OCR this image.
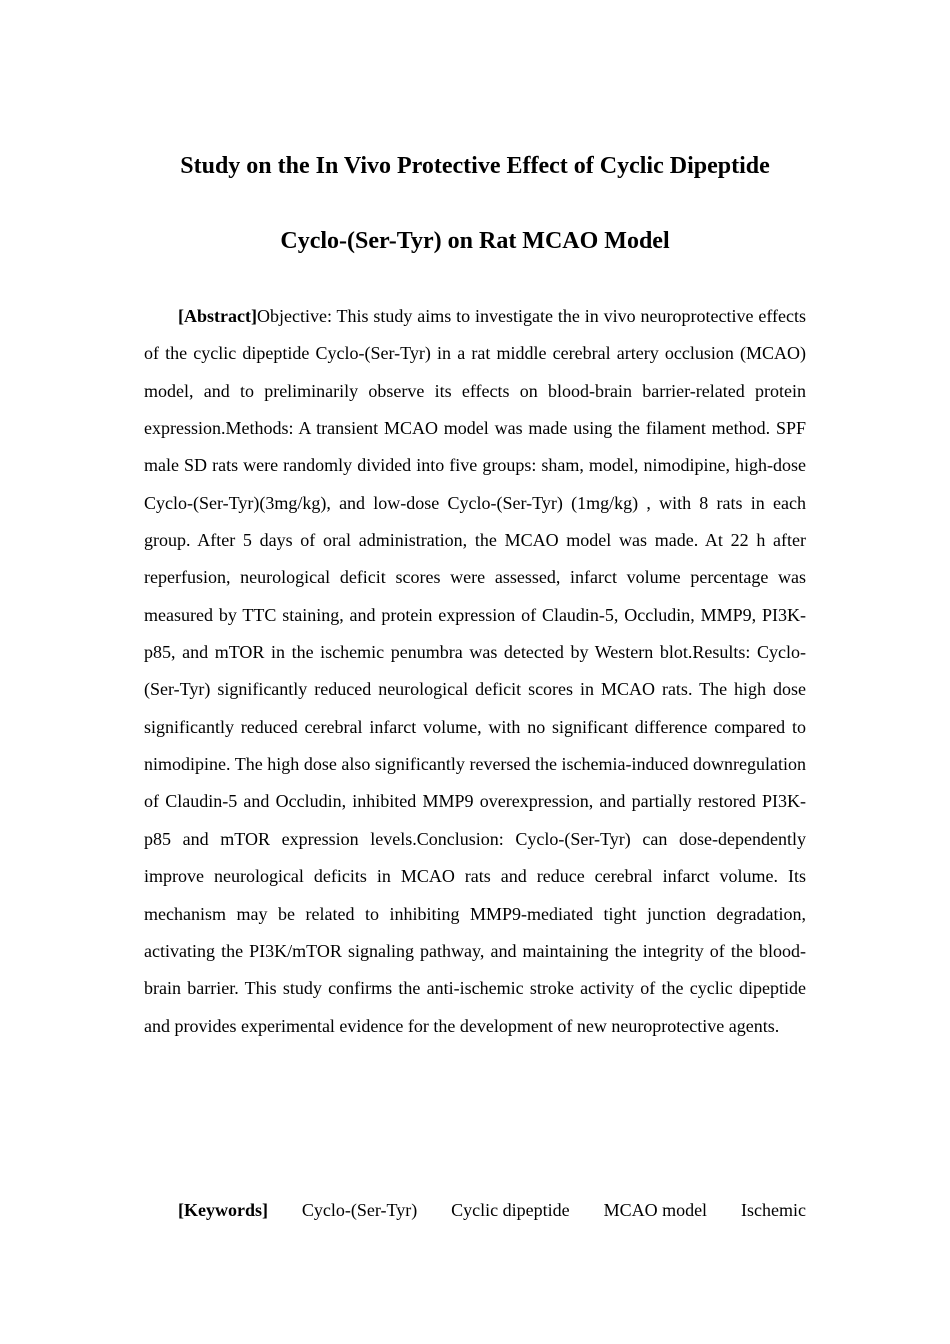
Study on the In Vivo Protective Effect of Cyclic Dipeptide
Cyclo-(Ser-Tyr) on Rat MCAO Model

[Abstract]Objective: This study aims to investigate the in vivo neuroprotective effects of the cyclic dipeptide Cyclo-(Ser-Tyr) in a rat middle cerebral artery occlusion (MCAO) model, and to preliminarily observe its effects on blood-brain barrier-related protein expression.Methods: A transient MCAO model was made using the filament method. SPF male SD rats were randomly divided into five groups: sham, model, nimodipine, high-dose Cyclo-(Ser-Tyr)(3mg/kg), and low-dose Cyclo-(Ser-Tyr) (1mg/kg) , with 8 rats in each group. After 5 days of oral administration, the MCAO model was made. At 22 h after reperfusion, neurological deficit scores were assessed, infarct volume percentage was measured by TTC staining, and protein expression of Claudin-5, Occludin, MMP9, PI3K-p85, and mTOR in the ischemic penumbra was detected by Western blot.Results: Cyclo-(Ser-Tyr) significantly reduced neurological deficit scores in MCAO rats. The high dose significantly reduced cerebral infarct volume, with no significant difference compared to nimodipine. The high dose also significantly reversed the ischemia-induced downregulation of Claudin-5 and Occludin, inhibited MMP9 overexpression, and partially restored PI3K-p85 and mTOR expression levels.Conclusion: Cyclo-(Ser-Tyr) can dose-dependently improve neurological deficits in MCAO rats and reduce cerebral infarct volume. Its mechanism may be related to inhibiting MMP9-mediated tight junction degradation, activating the PI3K/mTOR signaling pathway, and maintaining the integrity of the blood-brain barrier. This study confirms the anti-ischemic stroke activity of the cyclic dipeptide and provides experimental evidence for the development of new neuroprotective agents.

[Keywords] Cyclo-(Ser-Tyr) Cyclic dipeptide MCAO model Ischemic
